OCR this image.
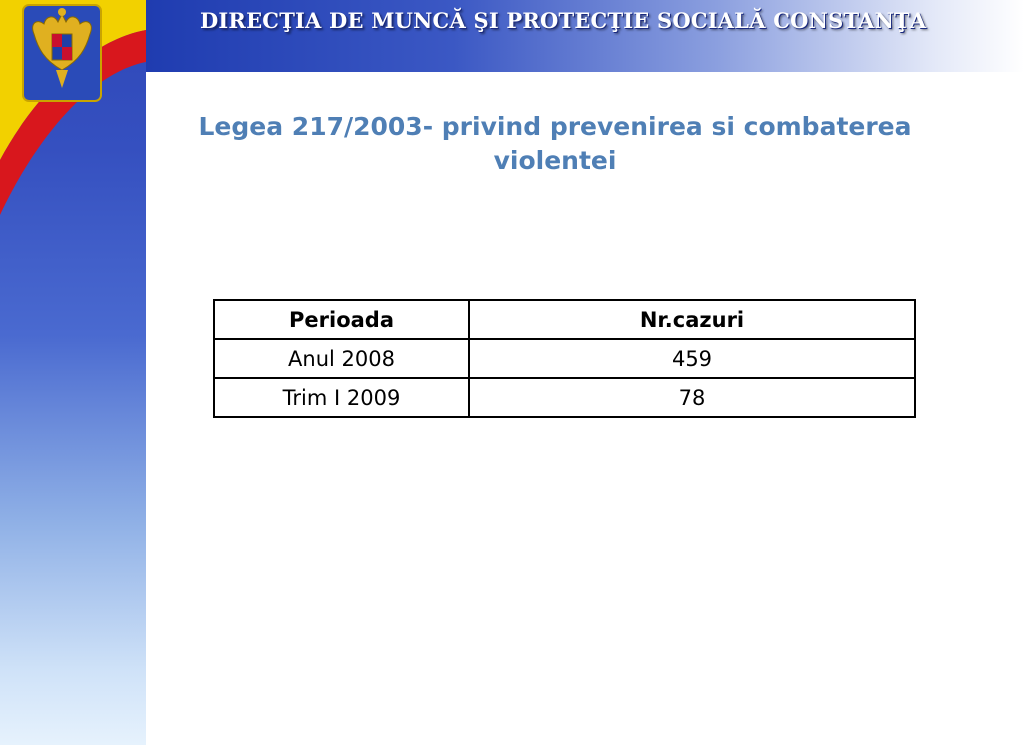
DIRECŢIA DE MUNCĂ ŞI PROTECŢIE SOCIALĂ CONSTANŢA
Legea 217/2003- privind prevenirea si combaterea
violentei
Perioada	Nr.cazuri
Anul 2008	459
Trim I 2009	78
